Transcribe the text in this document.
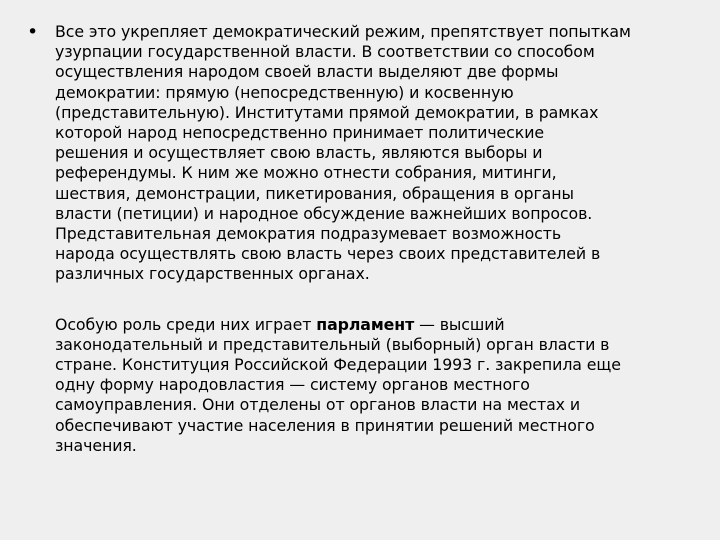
• Все это укрепляет демократический режим, препятствует попыткам
узурпации государственной власти. В соответствии со способом
осуществления народом своей власти выделяют две формы
демократии: прямую (непосредственную) и косвенную
(представительную). Институтами прямой демократии, в рамках
которой народ непосредственно принимает политические
решения и осуществляет свою власть, являются выборы и
референдумы. К ним же можно отнести собрания, митинги,
шествия, демонстрации, пикетирования, обращения в органы
власти (петиции) и народное обсуждение важнейших вопросов.
Представительная демократия подразумевает возможность
народа осуществлять свою власть через своих представителей в
различных государственных органах.
Особую роль среди них играет парламент — высший
законодательный и представительный (выборный) орган власти в
стране. Конституция Российской Федерации 1993 г. закрепила еще
одну форму народовластия — систему органов местного
самоуправления. Они отделены от органов власти на местах и
обеспечивают участие населения в принятии решений местного
значения.
